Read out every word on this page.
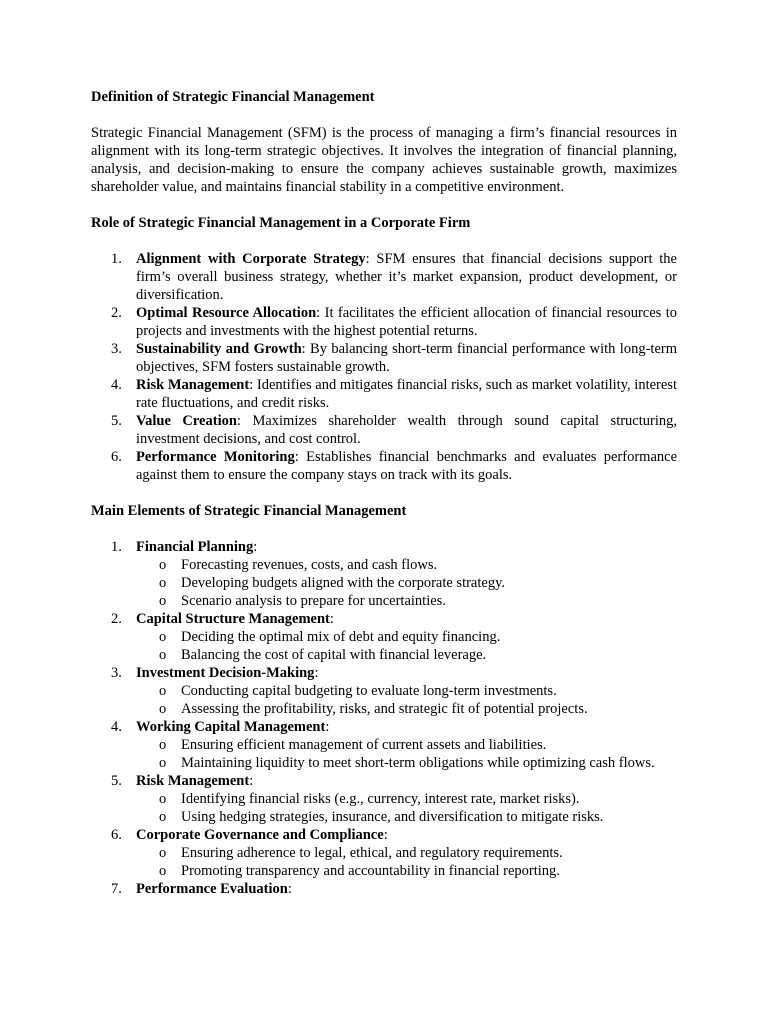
Definition of Strategic Financial Management

Strategic Financial Management (SFM) is the process of managing a firm’s financial resources in alignment with its long-term strategic objectives. It involves the integration of financial planning, analysis, and decision-making to ensure the company achieves sustainable growth, maximizes shareholder value, and maintains financial stability in a competitive environment.

Role of Strategic Financial Management in a Corporate Firm

1. Alignment with Corporate Strategy: SFM ensures that financial decisions support the firm’s overall business strategy, whether it’s market expansion, product development, or diversification.
2. Optimal Resource Allocation: It facilitates the efficient allocation of financial resources to projects and investments with the highest potential returns.
3. Sustainability and Growth: By balancing short-term financial performance with long-term objectives, SFM fosters sustainable growth.
4. Risk Management: Identifies and mitigates financial risks, such as market volatility, interest rate fluctuations, and credit risks.
5. Value Creation: Maximizes shareholder wealth through sound capital structuring, investment decisions, and cost control.
6. Performance Monitoring: Establishes financial benchmarks and evaluates performance against them to ensure the company stays on track with its goals.

Main Elements of Strategic Financial Management

1. Financial Planning:
o Forecasting revenues, costs, and cash flows.
o Developing budgets aligned with the corporate strategy.
o Scenario analysis to prepare for uncertainties.
2. Capital Structure Management:
o Deciding the optimal mix of debt and equity financing.
o Balancing the cost of capital with financial leverage.
3. Investment Decision-Making:
o Conducting capital budgeting to evaluate long-term investments.
o Assessing the profitability, risks, and strategic fit of potential projects.
4. Working Capital Management:
o Ensuring efficient management of current assets and liabilities.
o Maintaining liquidity to meet short-term obligations while optimizing cash flows.
5. Risk Management:
o Identifying financial risks (e.g., currency, interest rate, market risks).
o Using hedging strategies, insurance, and diversification to mitigate risks.
6. Corporate Governance and Compliance:
o Ensuring adherence to legal, ethical, and regulatory requirements.
o Promoting transparency and accountability in financial reporting.
7. Performance Evaluation:
